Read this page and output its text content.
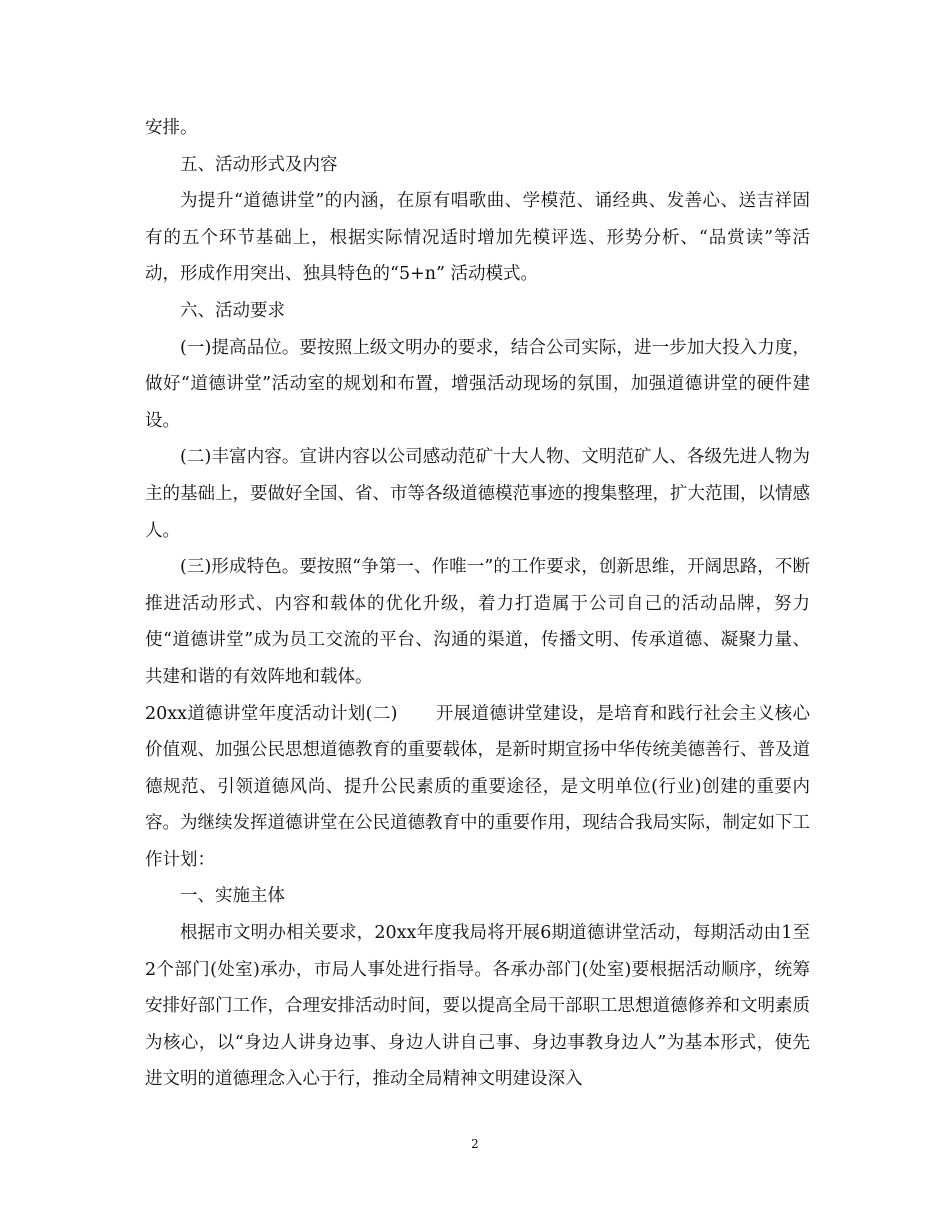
安排。

五、活动形式及内容

为提升“道德讲堂”的内涵，在原有唱歌曲、学模范、诵经典、发善心、送吉祥固有的五个环节基础上，根据实际情况适时增加先模评选、形势分析、“品赏读”等活动，形成作用突出、独具特色的“5+n” 活动模式。

六、活动要求

(一)提高品位。要按照上级文明办的要求，结合公司实际，进一步加大投入力度，做好“道德讲堂”活动室的规划和布置，增强活动现场的氛围，加强道德讲堂的硬件建设。

(二)丰富内容。宣讲内容以公司感动范矿十大人物、文明范矿人、各级先进人物为主的基础上，要做好全国、省、市等各级道德模范事迹的搜集整理，扩大范围，以情感人。

(三)形成特色。要按照“争第一、作唯一”的工作要求，创新思维，开阔思路，不断推进活动形式、内容和载体的优化升级，着力打造属于公司自己的活动品牌，努力使“道德讲堂”成为员工交流的平台、沟通的渠道，传播文明、传承道德、凝聚力量、共建和谐的有效阵地和载体。

20xx道德讲堂年度活动计划(二) 开展道德讲堂建设，是培育和践行社会主义核心价值观、加强公民思想道德教育的重要载体，是新时期宣扬中华传统美德善行、普及道德规范、引领道德风尚、提升公民素质的重要途径，是文明单位(行业)创建的重要内容。为继续发挥道德讲堂在公民道德教育中的重要作用，现结合我局实际，制定如下工作计划：

一、实施主体

根据市文明办相关要求，20xx年度我局将开展6期道德讲堂活动，每期活动由1至2个部门(处室)承办，市局人事处进行指导。各承办部门(处室)要根据活动顺序，统筹安排好部门工作，合理安排活动时间，要以提高全局干部职工思想道德修养和文明素质为核心，以“身边人讲身边事、身边人讲自己事、身边事教身边人”为基本形式，使先进文明的道德理念入心于行，推动全局精神文明建设深入

2
